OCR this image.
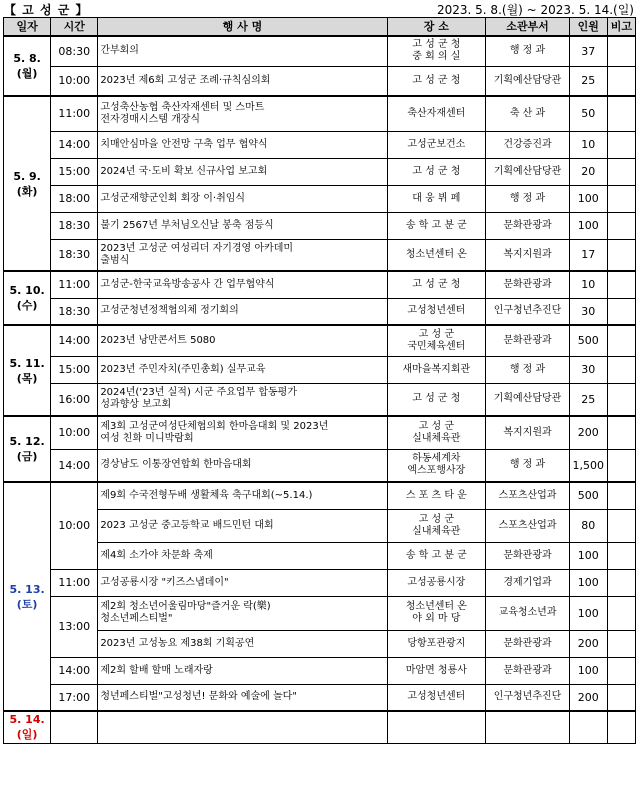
【 고 성 군 】	2023. 5. 8.(월) ~ 2023. 5. 14.(일)
일자	시간	행 사 명	장 소	소관부서	인원	비고
5. 8.
(월)	08:30	간부회의	고 성 군 청
중 회 의 실	행 정 과	37	
	10:00	2023년 제6회 고성군 조례·규칙심의회	고 성 군 청	기획예산담당관	25	
5. 9.
(화)	11:00	고성축산농협 축산자재센터 및 스마트
전자경매시스템 개장식	축산자재센터	축 산 과	50	
	14:00	치매안심마을 안전망 구축 업무 협약식	고성군보건소	건강증진과	10	
	15:00	2024년 국·도비 확보 신규사업 보고회	고 성 군 청	기획예산담당관	20	
	18:00	고성군재향군인회 회장 이·취임식	대 웅 뷔 페	행 정 과	100	
	18:30	불기 2567년 부처님오신날 봉축 점등식	송 학 고 분 군	문화관광과	100	
	18:30	2023년 고성군 여성리더 자기경영 아카데미
출범식	청소년센터 온	복지지원과	17	
5. 10.
(수)	11:00	고성군-한국교육방송공사 간 업무협약식	고 성 군 청	문화관광과	10	
	18:30	고성군청년정책협의체 정기회의	고성청년센터	인구청년추진단	30	
5. 11.
(목)	14:00	2023년 낭만콘서트 5080	고 성 군
국민체육센터	문화관광과	500	
	15:00	2023년 주민자치(주민총회) 실무교육	새마을복지회관	행 정 과	30	
	16:00	2024년('23년 실적) 시군 주요업무 합동평가
성과향상 보고회	고 성 군 청	기획예산담당관	25	
5. 12.
(금)	10:00	제3회 고성군여성단체협의회 한마음대회 및 2023년
여성 친화 미니박람회	고 성 군
실내체육관	복지지원과	200	
	14:00	경상남도 이통장연합회 한마음대회	하동세계차
엑스포행사장	행 정 과	1,500	
5. 13.
(토)	10:00	제9회 수국전형두배 생활체육 축구대회(~5.14.)	스 포 츠 타 운	스포츠산업과	500	
		2023 고성군 중고등학교 배드민턴 대회	고 성 군
실내체육관	스포츠산업과	80	
		제4회 소가야 차문화 축제	송 학 고 분 군	문화관광과	100	
	11:00	고성공룡시장 "키즈스냅데이"	고성공룡시장	경제기업과	100	
	13:00	제2회 청소년어울림마당"즐거운 락(樂)
청소년페스티벌"	청소년센터 온
야 외 마 당	교육청소년과	100	
		2023년 고성농요 제38회 기획공연	당항포관광지	문화관광과	200	
	14:00	제2회 할배 할매 노래자랑	마암면 청룡사	문화관광과	100	
	17:00	청년페스티벌"고성청년! 문화와 예술에 놀다"	고성청년센터	인구청년추진단	200	
5. 14.
(일)						
